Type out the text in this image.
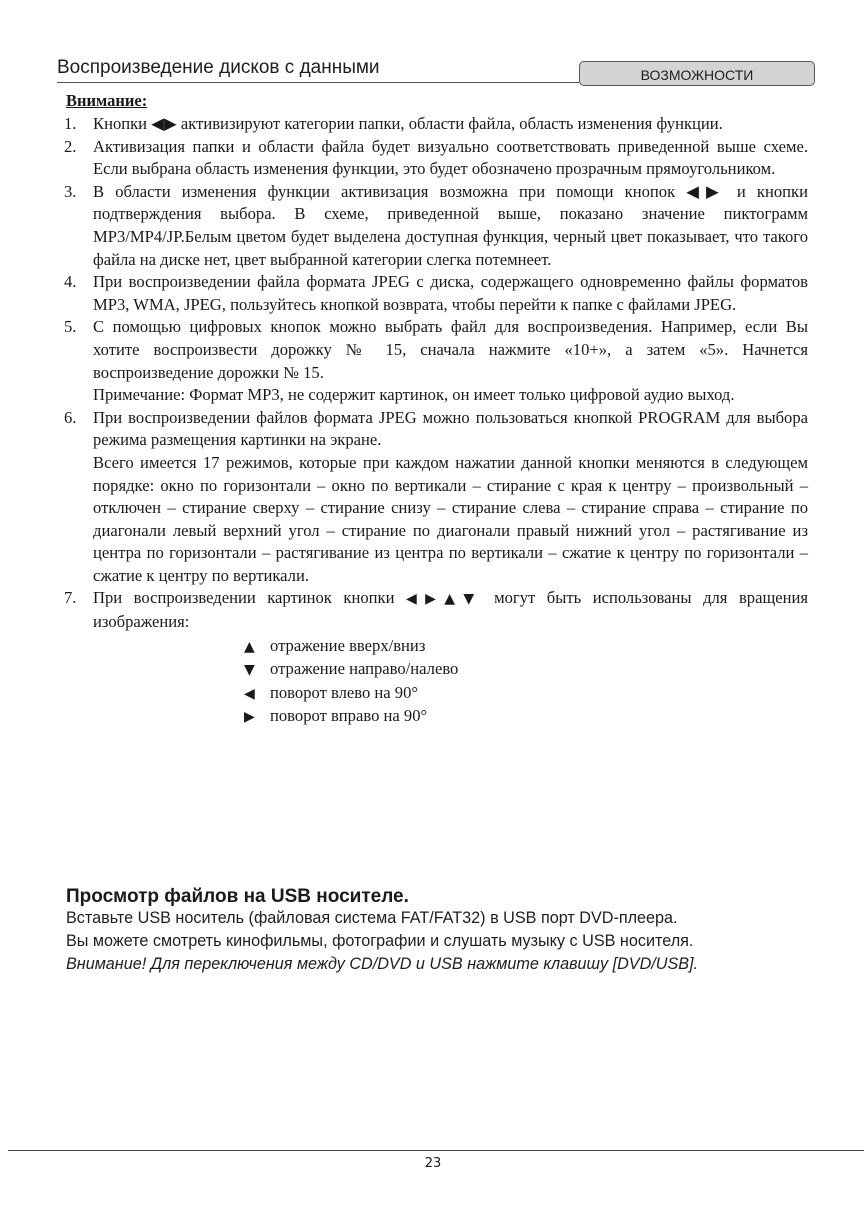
Воспроизведение дисков с данными	ВОЗМОЖНОСТИ
Внимание:
1. Кнопки ◀▶ активизируют категории папки, области файла, область изменения функции.

2. Активизация папки и области файла будет визуально соответствовать приведенной выше схеме. Если выбрана область изменения функции, это будет обозначено прозрачным прямоугольником.

3. В области изменения функции активизация возможна при помощи кнопок ◀▶ и кнопки подтверждения выбора. В схеме, приведенной выше, показано значение пиктограмм MP3/MP4/JP.Белым цветом будет выделена доступная функция, черный цвет показывает, что такого файла на диске нет, цвет выбранной категории слегка потемнеет.

4. При воспроизведении файла формата JPEG с диска, содержащего одновременно файлы форматов MP3, WMA, JPEG, пользуйтесь кнопкой возврата, чтобы перейти к папке с файлами JPEG.

5. С помощью цифровых кнопок можно выбрать файл для воспроизведения. Например, если Вы хотите воспроизвести дорожку № 15, сначала нажмите «10+», а затем «5». Начнется воспроизведение дорожки № 15.

Примечание: Формат MP3, не содержит картинок, он имеет только цифровой аудио выход.

6. При воспроизведении файлов формата JPEG можно пользоваться кнопкой PROGRAM для выбора режима размещения картинки на экране.

Всего имеется 17 режимов, которые при каждом нажатии данной кнопки меняются в следующем порядке: окно по горизонтали – окно по вертикали – стирание с края к центру – произвольный – отключен – стирание сверху – стирание снизу – стирание слева – стирание справа – стирание по диагонали левый верхний угол – стирание по диагонали правый нижний угол – растягивание из центра по горизонтали – растягивание из центра по вертикали – сжатие к центру по горизонтали – сжатие к центру по вертикали.

7. При воспроизведении картинок кнопки ◀▶▲▼ могут быть использованы для вращения изображения:

▲ отражение вверх/вниз
▼ отражение направо/налево
◀ поворот влево на 90°
▶ поворот вправо на 90°
Просмотр файлов на USB носителе.
Вставьте USB носитель (файловая система FAT/FAT32) в USB порт DVD-плеера.
Вы можете смотреть кинофильмы, фотографии и слушать музыку с USB носителя.
Внимание! Для переключения между CD/DVD и USB нажмите клавишу [DVD/USB].
23
